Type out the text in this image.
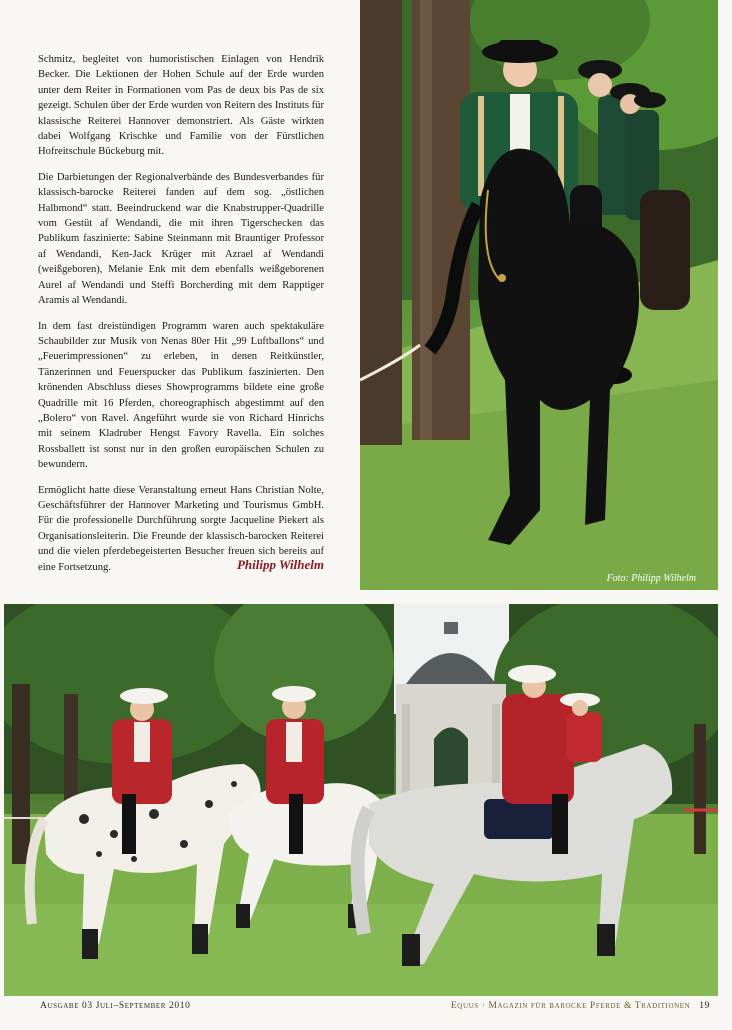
Schmitz, begleitet von humoristischen Einlagen von Hendrik Becker. Die Lektionen der Hohen Schule auf der Erde wurden unter dem Reiter in Formationen vom Pas de deux bis Pas de six gezeigt. Schulen über der Erde wurden von Reitern des Instituts für klassische Reiterei Hannover demonstriert. Als Gäste wirkten dabei Wolfgang Krischke und Familie von der Fürstlichen Hofreitschule Bückeburg mit.

Die Darbietungen der Regionalverbände des Bundesverbandes für klassisch-barocke Reiterei fanden auf dem sog. „östlichen Halbmond“ statt. Beeindruckend war die Knabstrupper-Quadrille vom Gestüt af Wendandi, die mit ihren Tigerschecken das Publikum faszinierte: Sabine Steinmann mit Brauntiger Professor af Wendandi, Ken-Jack Krüger mit Azrael af Wendandi (weißgeboren), Melanie Enk mit dem ebenfalls weißgeborenen Aurel af Wendandi und Steffi Borcherding mit dem Rapptiger Aramis al Wendandi.

In dem fast dreistündigen Programm waren auch spektakuläre Schaubilder zur Musik von Nenas 80er Hit „99 Luftballons“ und „Feuerimpressionen“ zu erleben, in denen Reitkünstler, Tänzerinnen und Feuerspucker das Publikum faszinierten. Den krönenden Abschluss dieses Showprogramms bildete eine große Quadrille mit 16 Pferden, choreographisch abgestimmt auf den „Bolero“ von Ravel. Angeführt wurde sie von Richard Hinrichs mit seinem Kladruber Hengst Favory Ravella. Ein solches Rossballett ist sonst nur in den großen europäischen Schulen zu bewundern.

Ermöglicht hatte diese Veranstaltung erneut Hans Christian Nolte, Geschäftsführer der Hannover Marketing und Tourismus GmbH. Für die professionelle Durchführung sorgte Jacqueline Piekert als Organisationsleiterin. Die Freunde der klassisch-barocken Reiterei und die vielen pferdebegeisterten Besucher freuen sich bereits auf eine Fortsetzung.	Philipp Wilhelm
Foto: Philipp Wilhelm
Ausgabe 03 Juli–September 2010	Equus · Magazin für barocke Pferde & Traditionen 19
